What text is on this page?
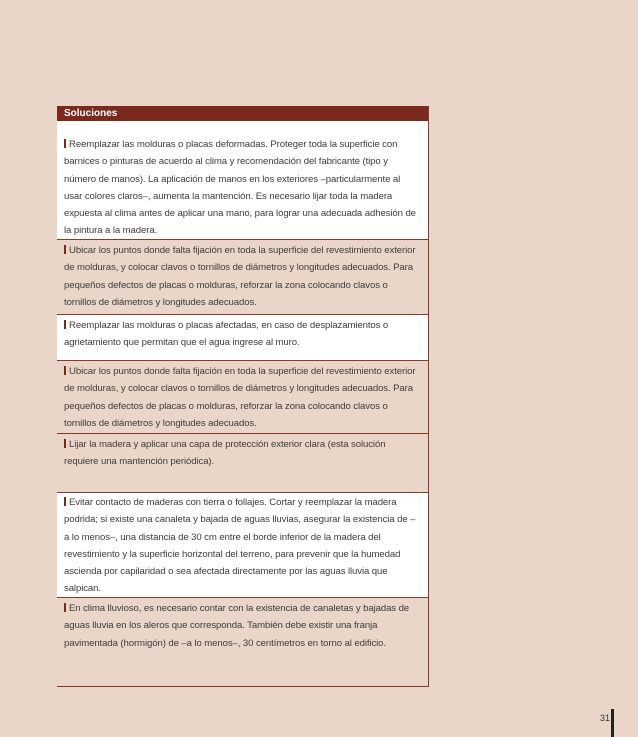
Soluciones
Reemplazar las molduras o placas deformadas. Proteger toda la superficie con barnices o pinturas de acuerdo al clima y recomendación del fabricante (tipo y número de manos). La aplicación de manos en los exteriores –particularmente al usar colores claros–, aumenta la mantención. Es necesario lijar toda la madera expuesta al clima antes de aplicar una mano, para lograr una adecuada adhesión de la pintura a la madera.
Ubicar los puntos donde falta fijación en toda la superficie del revestimiento exterior de molduras, y colocar clavos o tornillos de diámetros y longitudes adecuados. Para pequeños defectos de placas o molduras, reforzar la zona colocando clavos o tornillos de diámetros y longitudes adecuados.
Reemplazar las molduras o placas afectadas, en caso de desplazamientos o agrietamiento que permitan que el agua ingrese al muro.
Ubicar los puntos donde falta fijación en toda la superficie del revestimiento exterior de molduras, y colocar clavos o tornillos de diámetros y longitudes adecuados. Para pequeños defectos de placas o molduras, reforzar la zona colocando clavos o tornillos de diámetros y longitudes adecuados.
Lijar la madera y aplicar una capa de protección exterior clara (esta solución requiere una mantención periódica).
Evitar contacto de maderas con tierra o follajes. Cortar y reemplazar la madera podrida; si existe una canaleta y bajada de aguas lluvias, asegurar la existencia de –a lo menos–, una distancia de 30 cm entre el borde inferior de la madera del revestimiento y la superficie horizontal del terreno, para prevenir que la humedad ascienda por capilaridad o sea afectada directamente por las aguas lluvia que salpican.
En clima lluvioso, es necesario contar con la existencia de canaletas y bajadas de aguas lluvia en los aleros que corresponda. También debe existir una franja pavimentada (hormigón) de –a lo menos–, 30 centímetros en torno al edificio.
31
